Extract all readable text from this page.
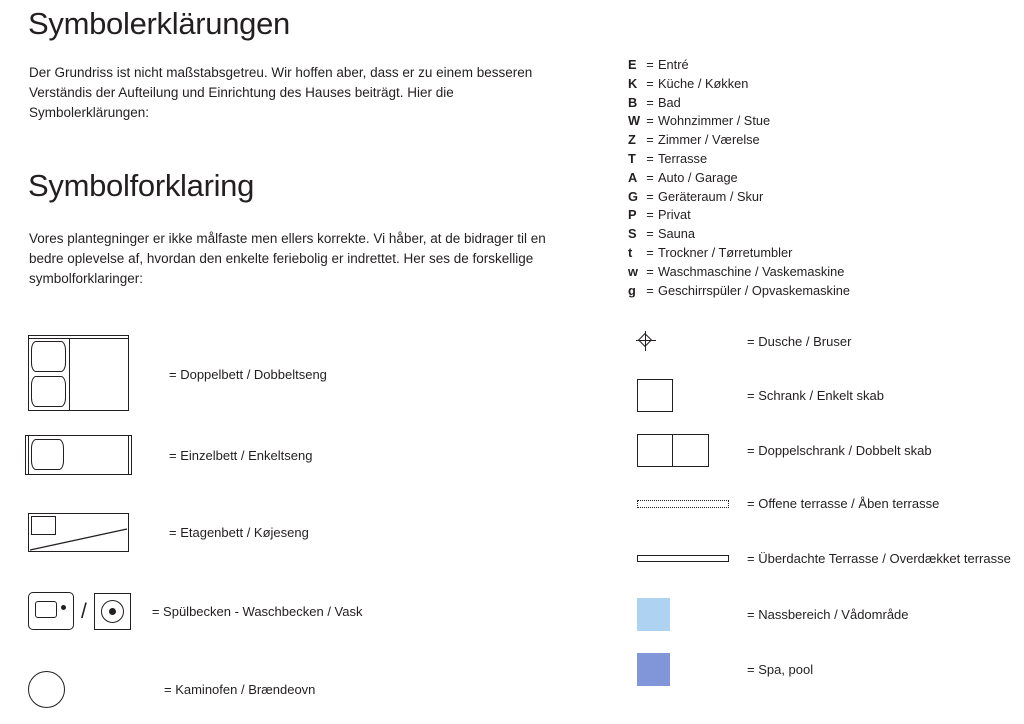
Symbolerklärungen
Der Grundriss ist nicht maßstabsgetreu. Wir hoffen aber, dass er zu einem besseren Verständis der Aufteilung und Einrichtung des Hauses beiträgt. Hier die Symbolerklärungen:
Symbolforklaring
Vores plantegninger er ikke målfaste men ellers korrekte. Vi håber, at de bidrager til en bedre oplevelse af, hvordan den enkelte feriebolig er indrettet. Her ses de forskellige symbolforklaringer:
= Doppelbett / Dobbeltseng
= Einzelbett / Enkeltseng
= Etagenbett / Køjeseng
/	= Spülbecken - Waschbecken / Vask
= Kaminofen / Brændeovn
E = Entré
K = Küche / Køkken
B = Bad
W = Wohnzimmer / Stue
Z = Zimmer / Værelse
T = Terrasse
A = Auto / Garage
G = Geräteraum / Skur
P = Privat
S = Sauna
t	= Trockner / Tørretumbler
w = Waschmaschine / Vaskemaskine
g = Geschirrspüler / Opvaskemaskine
= Dusche / Bruser
= Schrank / Enkelt skab
= Doppelschrank / Dobbelt skab
= Offene terrasse / Åben terrasse
= Überdachte Terrasse / Overdækket terrasse
= Nassbereich / Vådområde
= Spa, pool
